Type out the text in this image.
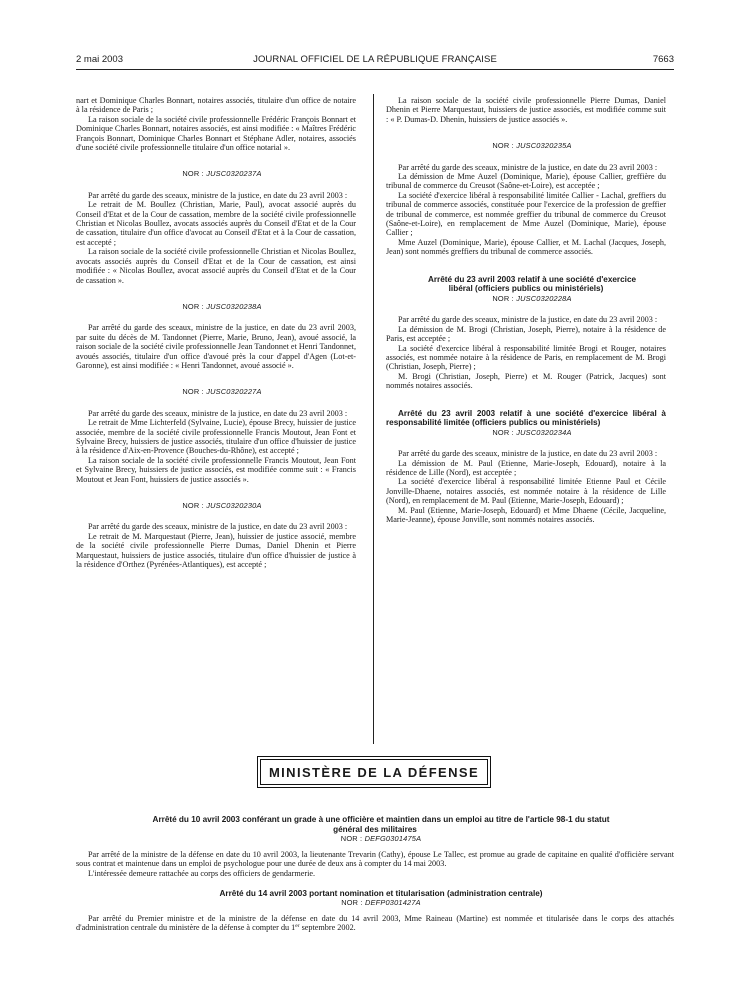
2 mai 2003	JOURNAL OFFICIEL DE LA RÉPUBLIQUE FRANÇAISE	7663

nart et Dominique Charles Bonnart, notaires associés, titulaire d'un office de notaire à la résidence de Paris ;

La raison sociale de la société civile professionnelle Frédéric François Bonnart et Dominique Charles Bonnart, notaires associés, est ainsi modifiée : « Maîtres Frédéric François Bonnart, Dominique Charles Bonnart et Stéphane Adler, notaires, associés d'une société civile professionnelle titulaire d'un office notarial ».

NOR : JUSC0320237A

Par arrêté du garde des sceaux, ministre de la justice, en date du 23 avril 2003 :

Le retrait de M. Boullez (Christian, Marie, Paul), avocat associé auprès du Conseil d'Etat et de la Cour de cassation, membre de la société civile professionnelle Christian et Nicolas Boullez, avocats associés auprès du Conseil d'Etat et de la Cour de cassation, titulaire d'un office d'avocat au Conseil d'Etat et à la Cour de cassation, est accepté ;

La raison sociale de la société civile professionnelle Christian et Nicolas Boullez, avocats associés auprès du Conseil d'Etat et de la Cour de cassation, est ainsi modifiée : « Nicolas Boullez, avocat associé auprès du Conseil d'Etat et de la Cour de cassation ».

NOR : JUSC0320238A

Par arrêté du garde des sceaux, ministre de la justice, en date du 23 avril 2003, par suite du décès de M. Tandonnet (Pierre, Marie, Bruno, Jean), avoué associé, la raison sociale de la société civile professionnelle Jean Tandonnet et Henri Tandonnet, avoués associés, titulaire d'un office d'avoué près la cour d'appel d'Agen (Lot-et-Garonne), est ainsi modifiée : « Henri Tandonnet, avoué associé ».

NOR : JUSC0320227A

Par arrêté du garde des sceaux, ministre de la justice, en date du 23 avril 2003 :

Le retrait de Mme Lichterfeld (Sylvaine, Lucie), épouse Brecy, huissier de justice associée, membre de la société civile professionnelle Francis Moutout, Jean Font et Sylvaine Brecy, huissiers de justice associés, titulaire d'un office d'huissier de justice à la résidence d'Aix-en-Provence (Bouches-du-Rhône), est accepté ;

La raison sociale de la société civile professionnelle Francis Moutout, Jean Font et Sylvaine Brecy, huissiers de justice associés, est modifiée comme suit : « Francis Moutout et Jean Font, huissiers de justice associés ».

NOR : JUSC0320230A

Par arrêté du garde des sceaux, ministre de la justice, en date du 23 avril 2003 :

Le retrait de M. Marquestaut (Pierre, Jean), huissier de justice associé, membre de la société civile professionnelle Pierre Dumas, Daniel Dhenin et Pierre Marquestaut, huissiers de justice associés, titulaire d'un office d'huissier de justice à la résidence d'Orthez (Pyrénées-Atlantiques), est accepté ;

La raison sociale de la société civile professionnelle Pierre Dumas, Daniel Dhenin et Pierre Marquestaut, huissiers de justice associés, est modifiée comme suit : « P. Dumas-D. Dhenin, huissiers de justice associés ».

NOR : JUSC0320235A

Par arrêté du garde des sceaux, ministre de la justice, en date du 23 avril 2003 :

La démission de Mme Auzel (Dominique, Marie), épouse Callier, greffière du tribunal de commerce du Creusot (Saône-et-Loire), est acceptée ;

La société d'exercice libéral à responsabilité limitée Callier - Lachal, greffiers du tribunal de commerce associés, constituée pour l'exercice de la profession de greffier de tribunal de commerce, est nommée greffier du tribunal de commerce du Creusot (Saône-et-Loire), en remplacement de Mme Auzel (Dominique, Marie), épouse Callier ;

Mme Auzel (Dominique, Marie), épouse Callier, et M. Lachal (Jacques, Joseph, Jean) sont nommés greffiers du tribunal de commerce associés.

Arrêté du 23 avril 2003 relatif à une société d'exercice libéral (officiers publics ou ministériels)

NOR : JUSC0320228A

Par arrêté du garde des sceaux, ministre de la justice, en date du 23 avril 2003 :

La démission de M. Brogi (Christian, Joseph, Pierre), notaire à la résidence de Paris, est acceptée ;

La société d'exercice libéral à responsabilité limitée Brogi et Rouger, notaires associés, est nommée notaire à la résidence de Paris, en remplacement de M. Brogi (Christian, Joseph, Pierre) ;

M. Brogi (Christian, Joseph, Pierre) et M. Rouger (Patrick, Jacques) sont nommés notaires associés.

Arrêté du 23 avril 2003 relatif à une société d'exercice libéral à responsabilité limitée (officiers publics ou ministériels)

NOR : JUSC0320234A

Par arrêté du garde des sceaux, ministre de la justice, en date du 23 avril 2003 :

La démission de M. Paul (Etienne, Marie-Joseph, Edouard), notaire à la résidence de Lille (Nord), est acceptée ;

La société d'exercice libéral à responsabilité limitée Etienne Paul et Cécile Jonville-Dhaene, notaires associés, est nommée notaire à la résidence de Lille (Nord), en remplacement de M. Paul (Etienne, Marie-Joseph, Edouard) ;

M. Paul (Etienne, Marie-Joseph, Edouard) et Mme Dhaene (Cécile, Jacqueline, Marie-Jeanne), épouse Jonville, sont nommés notaires associés.

MINISTÈRE DE LA DÉFENSE

Arrêté du 10 avril 2003 conférant un grade à une officière et maintien dans un emploi au titre de l'article 98-1 du statut général des militaires

NOR : DEFG0301475A

Par arrêté de la ministre de la défense en date du 10 avril 2003, la lieutenante Trevarin (Cathy), épouse Le Tallec, est promue au grade de capitaine en qualité d'officière servant sous contrat et maintenue dans un emploi de psychologue pour une durée de deux ans à compter du 14 mai 2003.

L'intéressée demeure rattachée au corps des officiers de gendarmerie.

Arrêté du 14 avril 2003 portant nomination et titularisation (administration centrale)

NOR : DEFP0301427A

Par arrêté du Premier ministre et de la ministre de la défense en date du 14 avril 2003, Mme Raineau (Martine) est nommée et titularisée dans le corps des attachés d'administration centrale du ministère de la défense à compter du 1er septembre 2002.
